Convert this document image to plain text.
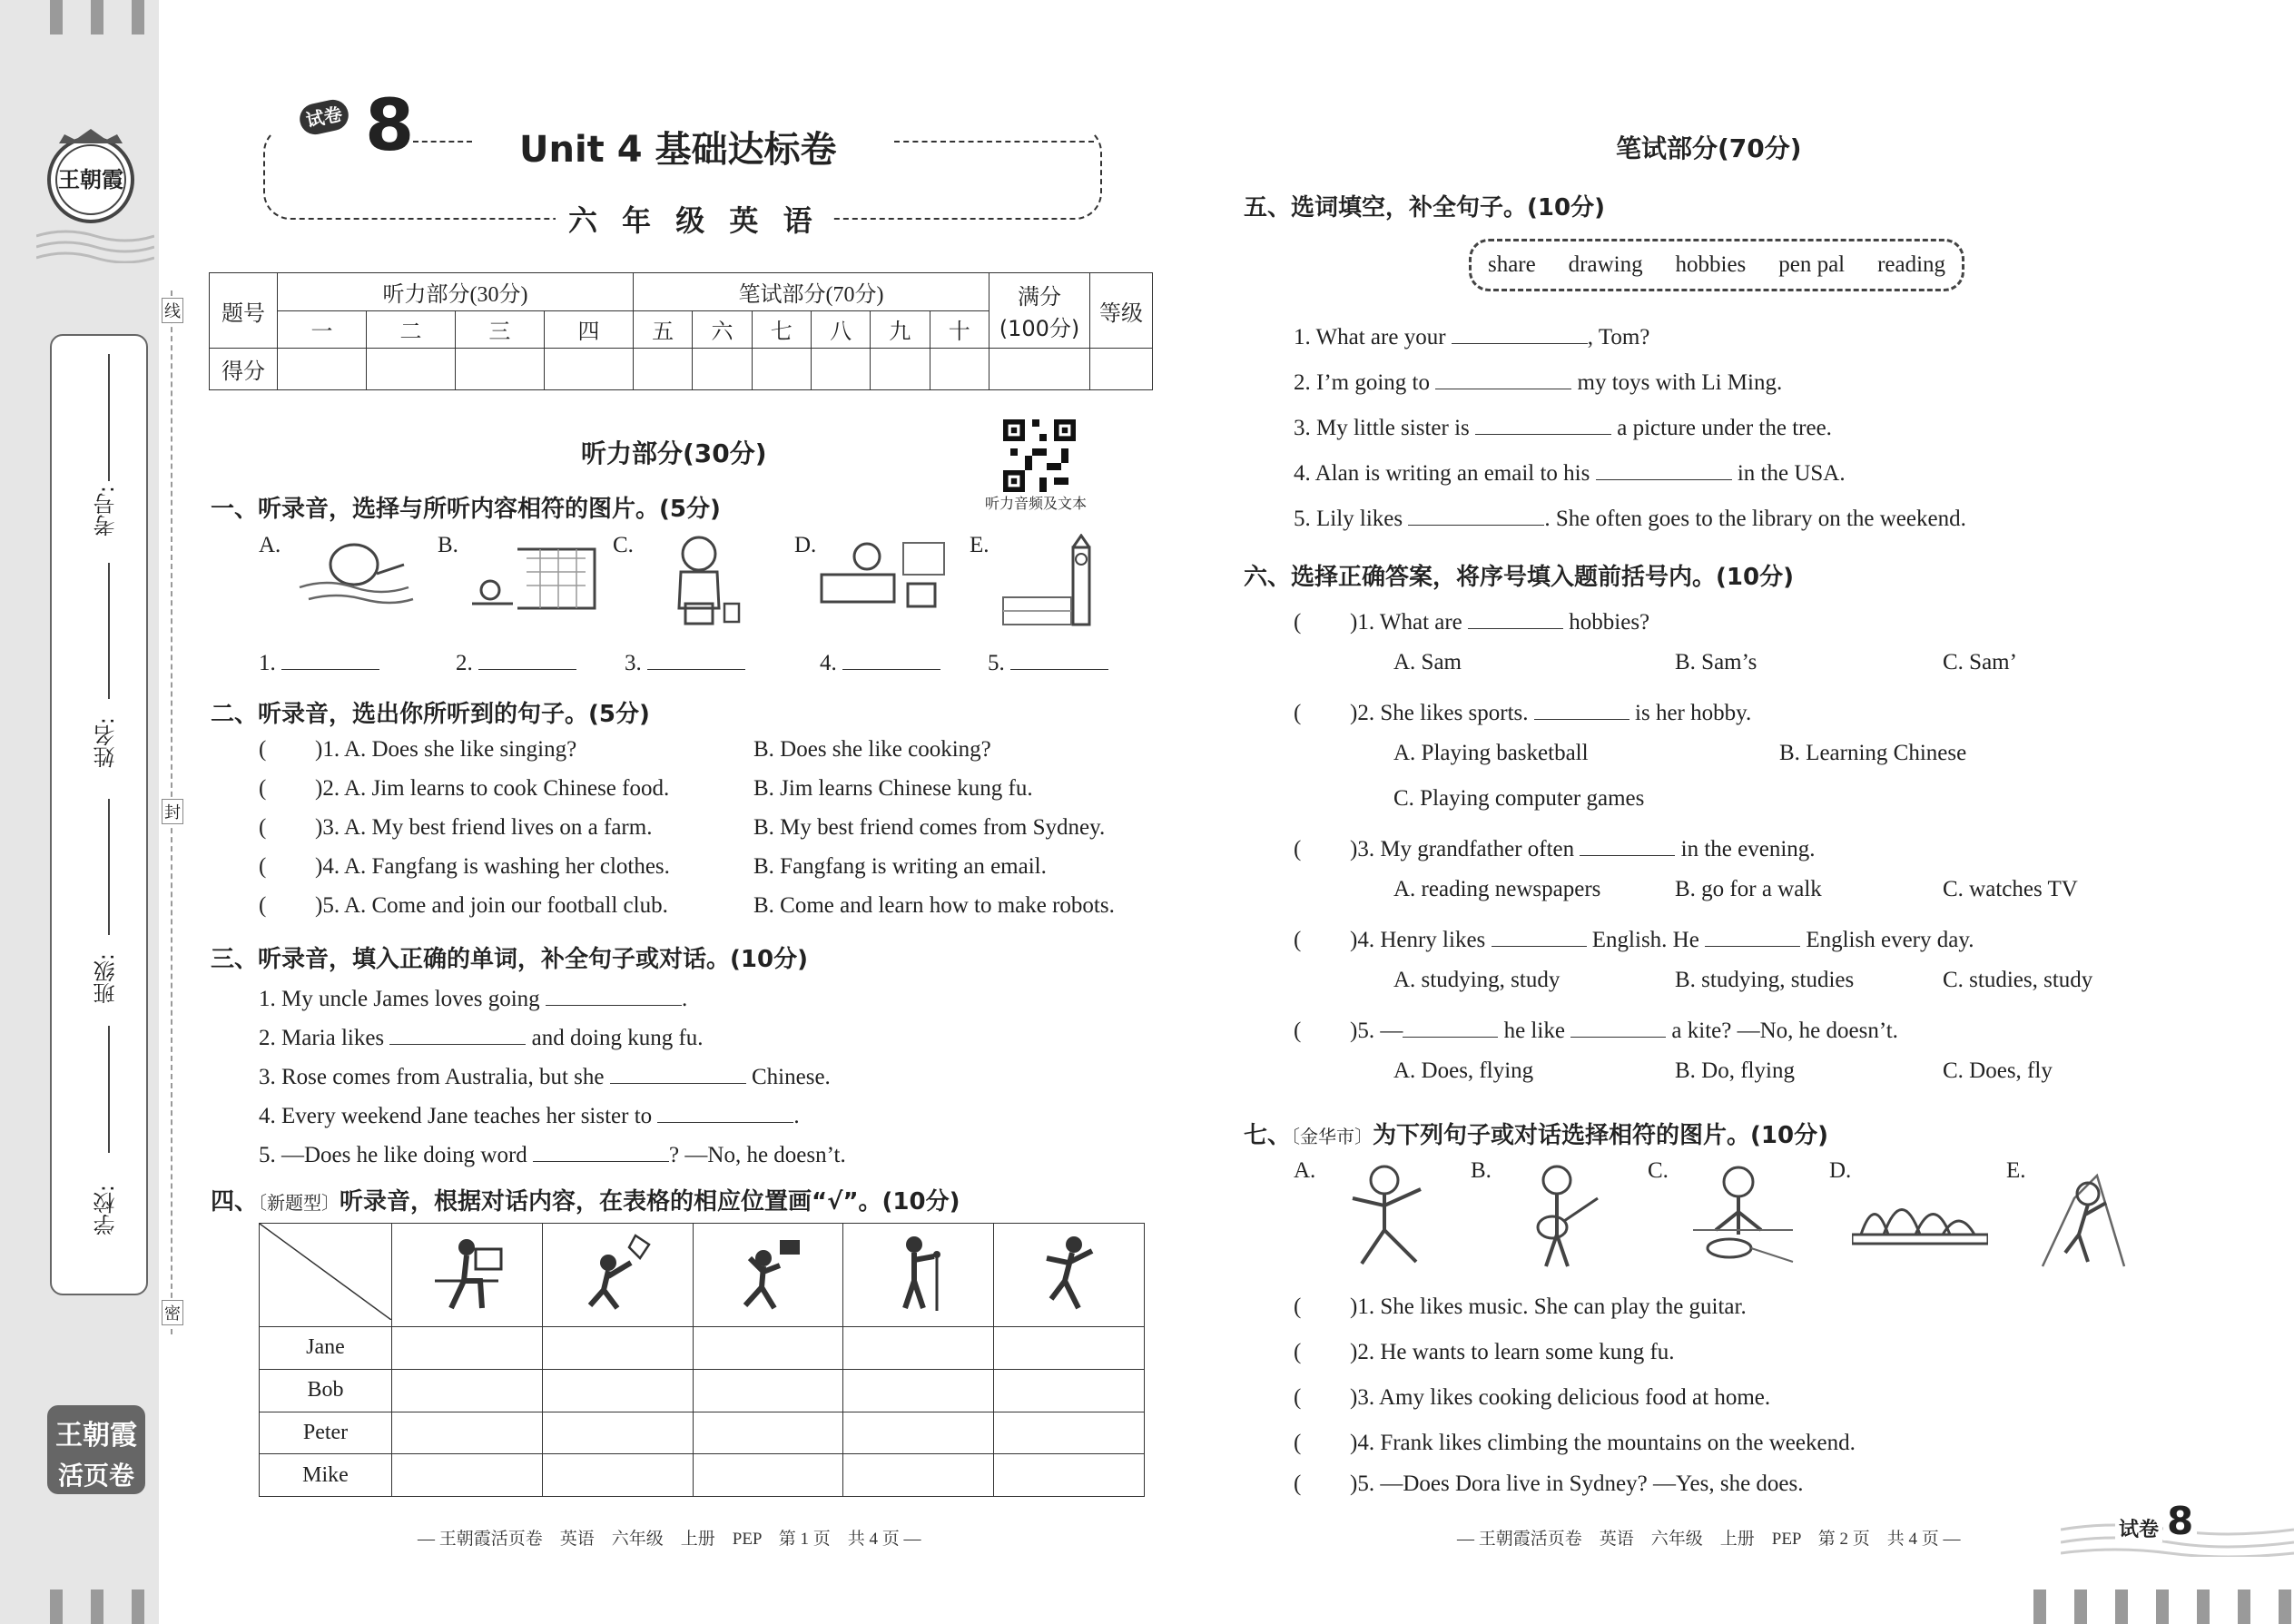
王朝霞
考号:
姓名:
班级:
学校:
线
封
密
王朝霞
活页卷
试卷 8	Unit 4 基础达标卷
六 年 级 英 语
题号	听力部分(30分)				笔试部分(70分)						满分
(100分)	等级
	一	二	三	四	五	六	七	八	九	十		
得分												
听力部分(30分)
听力音频及文本
一、听录音，选择与所听内容相符的图片。(5分)
A.	B.	C.	D.	E.
1.	2.	3.	4.	5.
二、听录音，选出你所听到的句子。(5分)
( )1. A. Does she like singing?	B. Does she like cooking?
( )2. A. Jim learns to cook Chinese food.	B. Jim learns Chinese kung fu.
( )3. A. My best friend lives on a farm.	B. My best friend comes from Sydney.
( )4. A. Fangfang is washing her clothes.	B. Fangfang is writing an email.
( )5. A. Come and join our football club.	B. Come and learn how to make robots.
三、听录音，填入正确的单词，补全句子或对话。(10分)
1. My uncle James loves going	.
2. Maria likes	and doing kung fu.
3. Rose comes from Australia, but she	Chinese.
4. Every weekend Jane teaches her sister to	.
5. —Does he like doing word	? —No, he doesn’t.
四、〔新题型〕听录音，根据对话内容，在表格的相应位置画“√”。(10分)

Jane					
Bob					
Peter					
Mike					
— 王朝霞活页卷　英语　六年级　上册　PEP　第 1 页　共 4 页 —
笔试部分(70分)
五、选词填空，补全句子。(10分)
share drawing hobbies pen pal reading
1. What are your	, Tom?
2. I’m going to	my toys with Li Ming.
3. My little sister is	a picture under the tree.
4. Alan is writing an email to his	in the USA.
5. Lily likes	. She often goes to the library on the weekend.
六、选择正确答案，将序号填入题前括号内。(10分)
( )1. What are	hobbies?
A. Sam	B. Sam’s	C. Sam’
( )2. She likes sports.	is her hobby.
A. Playing basketball	B. Learning Chinese
C. Playing computer games
( )3. My grandfather often	in the evening.
A. reading newspapers	B. go for a walk	C. watches TV
( )4. Henry likes	English. He	English every day.
A. studying, study	B. studying, studies	C. studies, study
( )5. —	he like	a kite? —No, he doesn’t.
A. Does, flying	B. Do, flying	C. Does, fly
七、〔金华市〕为下列句子或对话选择相符的图片。(10分)
A.	B.	C.	D.	E.
( )1. She likes music. She can play the guitar.
( )2. He wants to learn some kung fu.
( )3. Amy likes cooking delicious food at home.
( )4. Frank likes climbing the mountains on the weekend.
( )5. —Does Dora live in Sydney? —Yes, she does.
— 王朝霞活页卷　英语　六年级　上册　PEP　第 2 页　共 4 页 —	试卷 8
